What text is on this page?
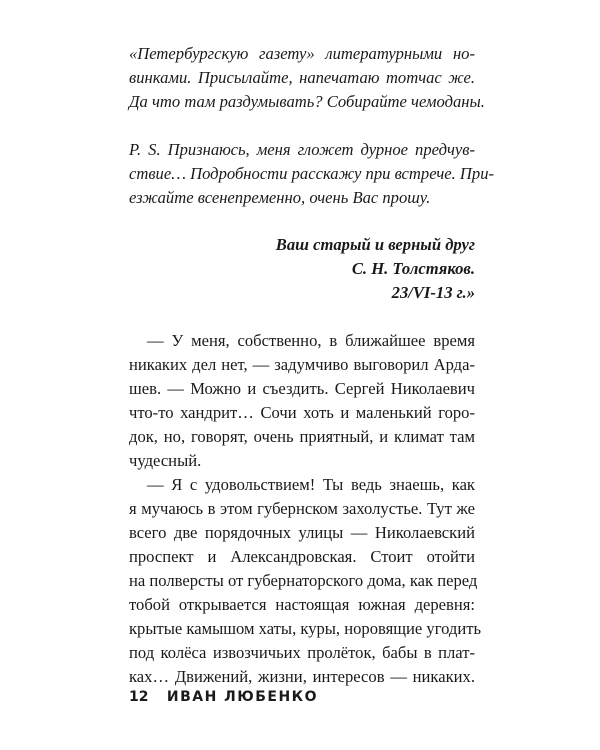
«Петербургскую газету» литературными но-

винками. Присылайте, напечатаю тотчас же.

Да что там раздумывать? Собирайте чемоданы.

P. S. Признаюсь, меня гложет дурное предчув-

ствие… Подробности расскажу при встрече. При-

езжайте всенепременно, очень Вас прошу.

Ваш старый и верный друг

С. Н. Толстяков.

23/VI-13 г.»

— У меня, собственно, в ближайшее время

никаких дел нет, — задумчиво выговорил Арда-

шев. — Можно и съездить. Сергей Николаевич

что-то хандрит… Сочи хоть и маленький горо-

док, но, говорят, очень приятный, и климат там

чудесный.

— Я с удовольствием! Ты ведь знаешь, как

я мучаюсь в этом губернском захолустье. Тут же

всего две порядочных улицы — Николаевский

проспект и Александровская. Стоит отойти

на полверсты от губернаторского дома, как перед

тобой открывается настоящая южная деревня:

крытые камышом хаты, куры, норовящие угодить

под колёса извозчичьих пролёток, бабы в плат-

ках… Движений, жизни, интересов — никаких.

12 ИВАН ЛЮБЕНКО
